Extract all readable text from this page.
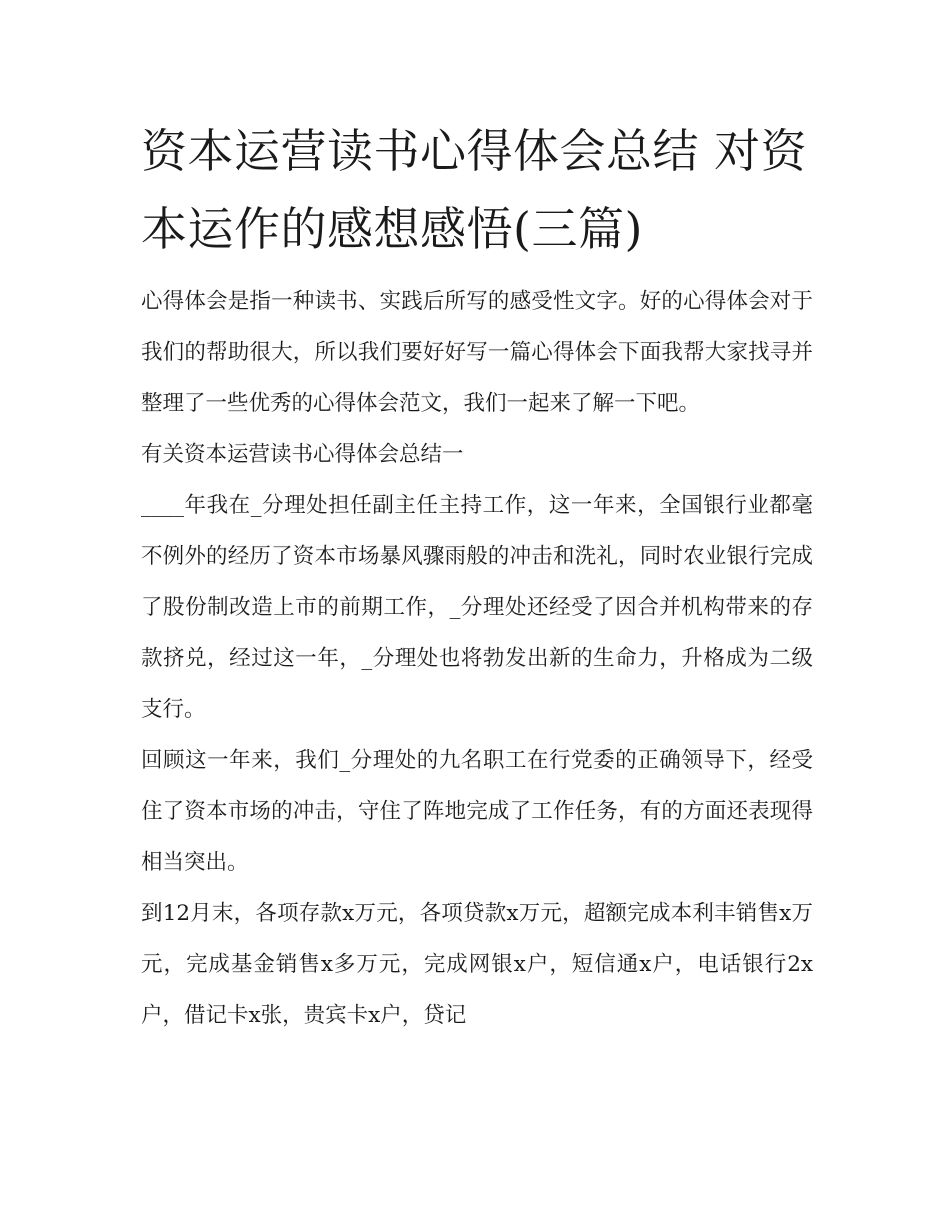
资本运营读书心得体会总结 对资本运作的感想感悟(三篇)

心得体会是指一种读书、实践后所写的感受性文字。好的心得体会对于我们的帮助很大，所以我们要好好写一篇心得体会下面我帮大家找寻并整理了一些优秀的心得体会范文，我们一起来了解一下吧。

有关资本运营读书心得体会总结一

____年我在_分理处担任副主任主持工作，这一年来，全国银行业都毫不例外的经历了资本市场暴风骤雨般的冲击和洗礼，同时农业银行完成了股份制改造上市的前期工作，_分理处还经受了因合并机构带来的存款挤兑，经过这一年，_分理处也将勃发出新的生命力，升格成为二级支行。

回顾这一年来，我们_分理处的九名职工在行党委的正确领导下，经受住了资本市场的冲击，守住了阵地完成了工作任务，有的方面还表现得相当突出。

到12月末，各项存款x万元，各项贷款x万元，超额完成本利丰销售x万元，完成基金销售x多万元，完成网银x户，短信通x户，电话银行2x户，借记卡x张，贵宾卡x户，贷记
